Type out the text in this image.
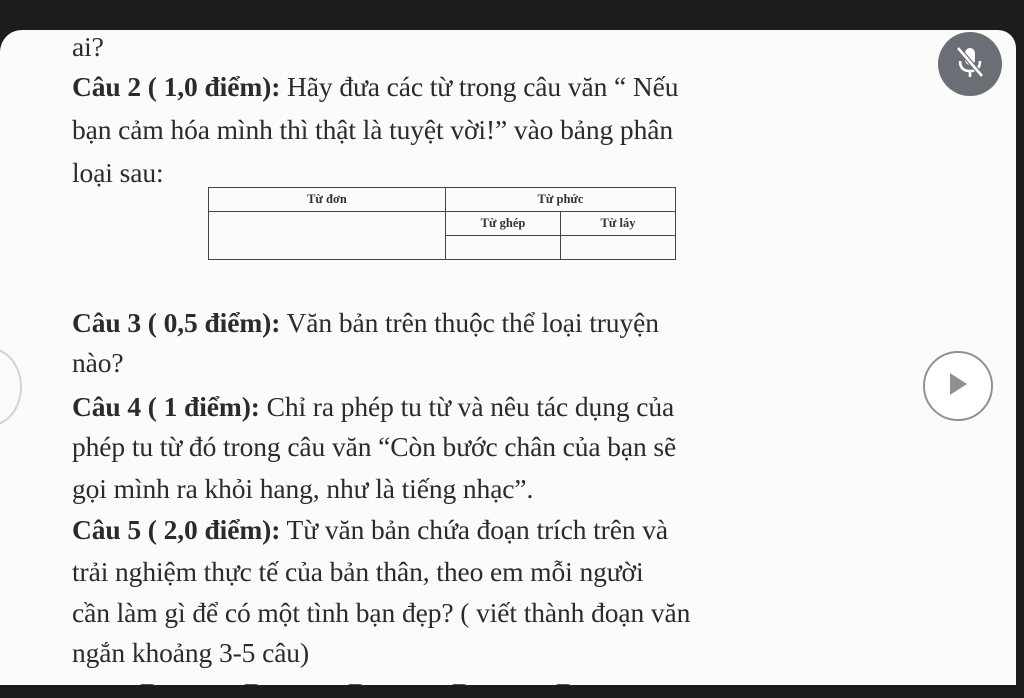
ai?
Câu 2 ( 1,0 điểm): Hãy đưa các từ trong câu văn “ Nếu
bạn cảm hóa mình thì thật là tuyệt vời!” vào bảng phân
loại sau:
Từ đơn	Từ phức	
	Từ ghép	Từ láy

Câu 3 ( 0,5 điểm): Văn bản trên thuộc thể loại truyện
nào?
Câu 4 ( 1 điểm): Chỉ ra phép tu từ và nêu tác dụng của
phép tu từ đó trong câu văn “Còn bước chân của bạn sẽ
gọi mình ra khỏi hang, như là tiếng nhạc”.
Câu 5 ( 2,0 điểm): Từ văn bản chứa đoạn trích trên và
trải nghiệm thực tế của bản thân, theo em mỗi người
cần làm gì để có một tình bạn đẹp? ( viết thành đoạn văn
ngắn khoảng 3-5 câu)
